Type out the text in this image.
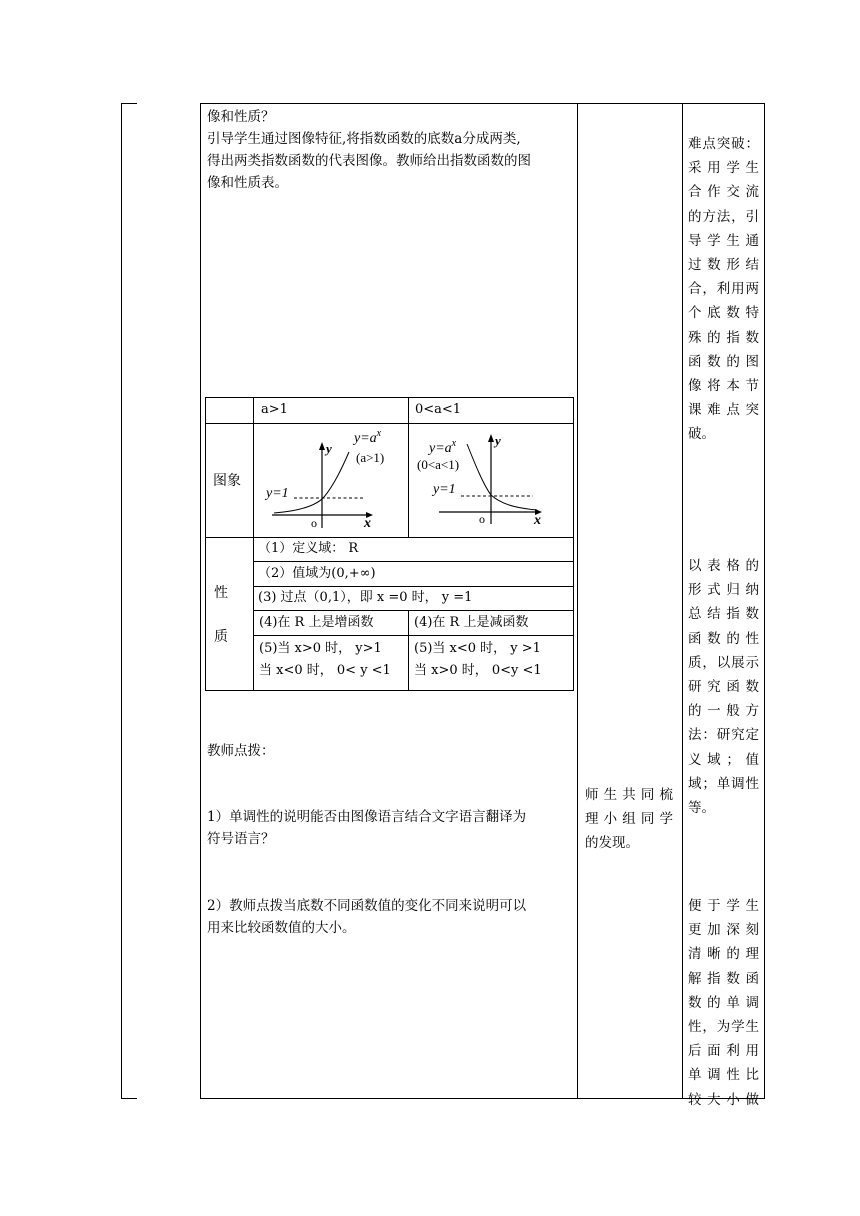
像和性质？
引导学生通过图像特征,将指数函数的底数a分成两类,
得出两类指数函数的代表图像。教师给出指数函数的图
像和性质表。
a>1	0<a<1
图象
性
质
$y=a^x$
(a>1)
y=1
y
x
o
$y=a^x$
(0<a<1)
y=1
y
x
o
（1）定义域： R
（2）值域为(0,+∞)
(3) 过点（0,1），即 x =0 时， y =1
(4)在 R 上是增函数	(4)在 R 上是减函数
(5)当 x>0 时， y>1
当 x<0 时， 0< y <1
(5)当 x<0 时， y >1
当 x>0 时， 0<y <1
教师点拨：
1）单调性的说明能否由图像语言结合文字语言翻译为
符号语言？
2）教师点拨当底数不同函数值的变化不同来说明可以
用来比较函数值的大小。
师生共同梳
理小组同学
的发现。
难点突破：
采用学生
合作交流
的方法，引
导学生通
过数形结
合，利用两
个底数特
殊的指数
函数的图
像将本节
课难点突
破。
以表格的
形式归纳
总结指数
函数的性
质，以展示
研究函数
的一般方
法：研究定
义域；值
域；单调性
等。
便于学生
更加深刻
清晰的理
解指数函
数的单调
性，为学生
后面利用
单调性比
较大小做
